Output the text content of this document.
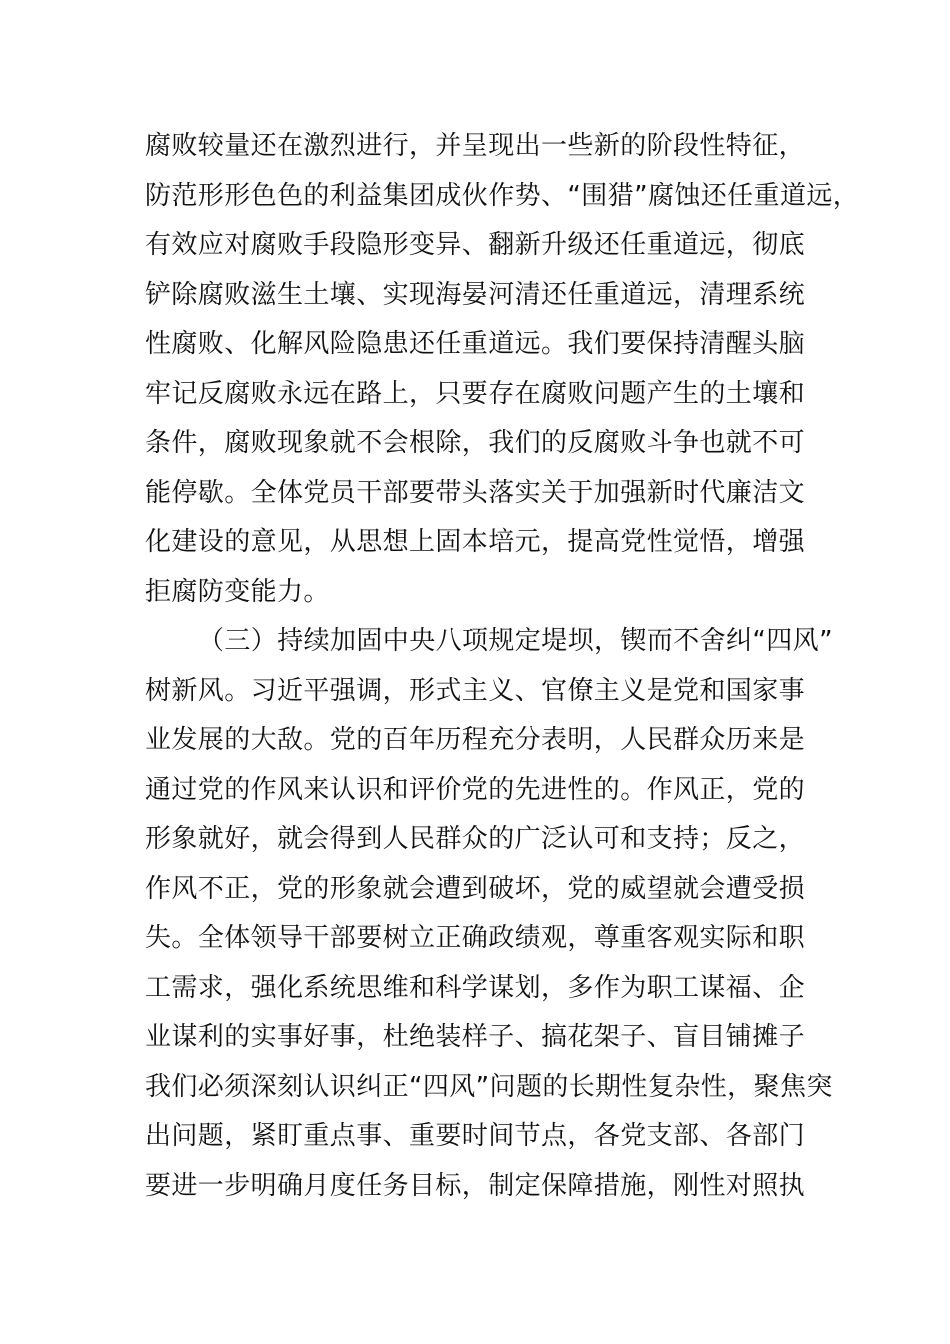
腐败较量还在激烈进行，并呈现出一些新的阶段性特征，
防范形形色色的利益集团成伙作势、“围猎”腐蚀还任重道远，
有效应对腐败手段隐形变异、翻新升级还任重道远，彻底
铲除腐败滋生土壤、实现海晏河清还任重道远，清理系统
性腐败、化解风险隐患还任重道远。我们要保持清醒头脑
牢记反腐败永远在路上，只要存在腐败问题产生的土壤和
条件，腐败现象就不会根除，我们的反腐败斗争也就不可
能停歇。全体党员干部要带头落实关于加强新时代廉洁文
化建设的意见，从思想上固本培元，提高党性觉悟，增强
拒腐防变能力。
（三）持续加固中央八项规定堤坝，锲而不舍纠“四风”
树新风。习近平强调，形式主义、官僚主义是党和国家事
业发展的大敌。党的百年历程充分表明，人民群众历来是
通过党的作风来认识和评价党的先进性的。作风正，党的
形象就好，就会得到人民群众的广泛认可和支持；反之，
作风不正，党的形象就会遭到破坏，党的威望就会遭受损
失。全体领导干部要树立正确政绩观，尊重客观实际和职
工需求，强化系统思维和科学谋划，多作为职工谋福、企
业谋利的实事好事，杜绝装样子、搞花架子、盲目铺摊子
我们必须深刻认识纠正“四风”问题的长期性复杂性，聚焦突
出问题，紧盯重点事、重要时间节点，各党支部、各部门
要进一步明确月度任务目标，制定保障措施，刚性对照执
